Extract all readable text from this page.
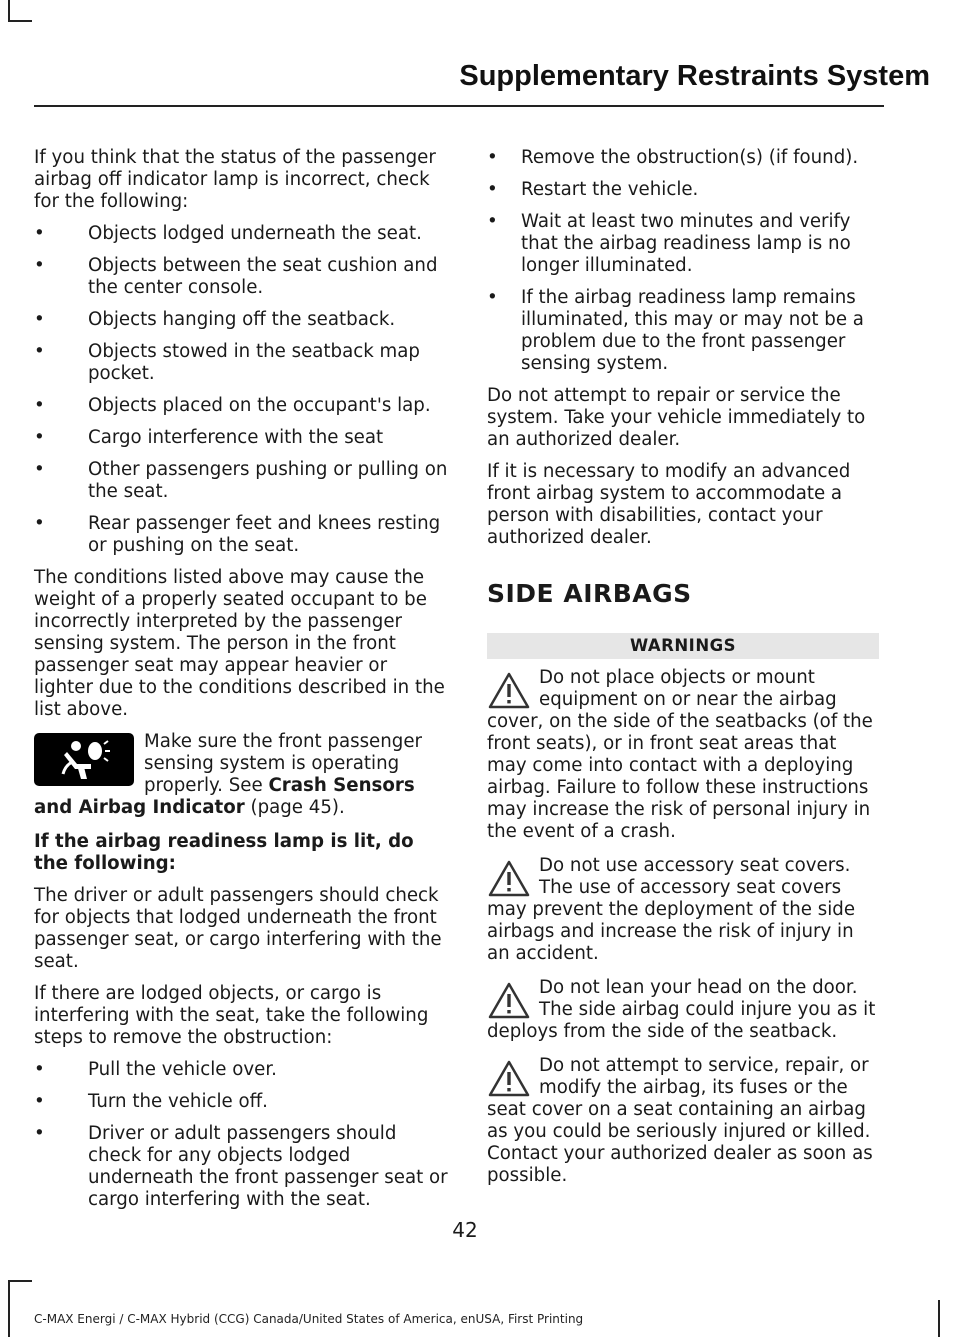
Supplementary Restraints System

If you think that the status of the passenger airbag off indicator lamp is incorrect, check for the following:

• Objects lodged underneath the seat.
• Objects between the seat cushion and the center console.
• Objects hanging off the seatback.
• Objects stowed in the seatback map pocket.
• Objects placed on the occupant's lap.
• Cargo interference with the seat
• Other passengers pushing or pulling on the seat.
• Rear passenger feet and knees resting or pushing on the seat.

The conditions listed above may cause the weight of a properly seated occupant to be incorrectly interpreted by the passenger sensing system. The person in the front passenger seat may appear heavier or lighter due to the conditions described in the list above.

Make sure the front passenger sensing system is operating properly. See Crash Sensors and Airbag Indicator (page 45).

If the airbag readiness lamp is lit, do the following:

The driver or adult passengers should check for objects that lodged underneath the front passenger seat, or cargo interfering with the seat.

If there are lodged objects, or cargo is interfering with the seat, take the following steps to remove the obstruction:

• Pull the vehicle over.
• Turn the vehicle off.
• Driver or adult passengers should check for any objects lodged underneath the front passenger seat or cargo interfering with the seat.
• Remove the obstruction(s) (if found).
• Restart the vehicle.
• Wait at least two minutes and verify that the airbag readiness lamp is no longer illuminated.
• If the airbag readiness lamp remains illuminated, this may or may not be a problem due to the front passenger sensing system.

Do not attempt to repair or service the system. Take your vehicle immediately to an authorized dealer.

If it is necessary to modify an advanced front airbag system to accommodate a person with disabilities, contact your authorized dealer.

SIDE AIRBAGS
WARNINGS
Do not place objects or mount equipment on or near the airbag cover, on the side of the seatbacks (of the front seats), or in front seat areas that may come into contact with a deploying airbag. Failure to follow these instructions may increase the risk of personal injury in the event of a crash.
Do not use accessory seat covers. The use of accessory seat covers may prevent the deployment of the side airbags and increase the risk of injury in an accident.
Do not lean your head on the door. The side airbag could injure you as it deploys from the side of the seatback.
Do not attempt to service, repair, or modify the airbag, its fuses or the seat cover on a seat containing an airbag as you could be seriously injured or killed. Contact your authorized dealer as soon as possible.
42
C-MAX Energi / C-MAX Hybrid (CCG) Canada/United States of America, enUSA, First Printing
